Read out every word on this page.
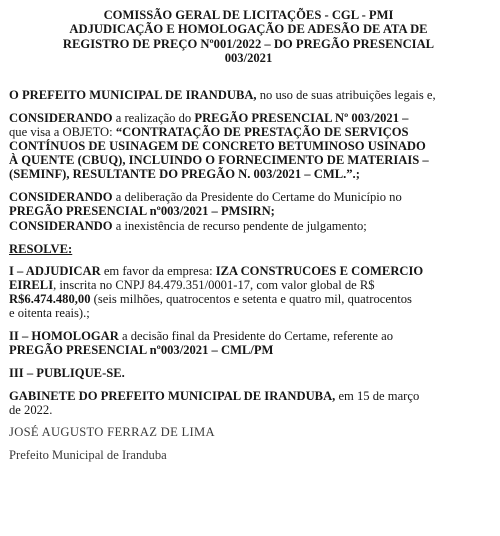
COMISSÃO GERAL DE LICITAÇÕES - CGL - PMI
ADJUDICAÇÃO E HOMOLOGAÇÃO DE ADESÃO DE ATA DE
REGISTRO DE PREÇO Nº001/2022 – DO PREGÃO PRESENCIAL
003/2021

O PREFEITO MUNICIPAL DE IRANDUBA, no uso de suas atribuições legais e,

CONSIDERANDO a realização do PREGÃO PRESENCIAL Nº 003/2021 –
que visa a OBJETO: “CONTRATAÇÃO DE PRESTAÇÃO DE SERVIÇOS
CONTÍNUOS DE USINAGEM DE CONCRETO BETUMINOSO USINADO
À QUENTE (CBUQ), INCLUINDO O FORNECIMENTO DE MATERIAIS –
(SEMINF), RESULTANTE DO PREGÃO N. 003/2021 – CML.”.;

CONSIDERANDO a deliberação da Presidente do Certame do Município no
PREGÃO PRESENCIAL nº003/2021 – PMSIRN;

CONSIDERANDO a inexistência de recurso pendente de julgamento;

RESOLVE:

I – ADJUDICAR em favor da empresa: IZA CONSTRUCOES E COMERCIO
EIRELI, inscrita no CNPJ 84.479.351/0001-17, com valor global de R$
R$6.474.480,00 (seis milhões, quatrocentos e setenta e quatro mil, quatrocentos
e oitenta reais).;

II – HOMOLOGAR a decisão final da Presidente do Certame, referente ao
PREGÃO PRESENCIAL nº003/2021 – CML/PM

III – PUBLIQUE-SE.

GABINETE DO PREFEITO MUNICIPAL DE IRANDUBA, em 15 de março
de 2022.

JOSÉ AUGUSTO FERRAZ DE LIMA

Prefeito Municipal de Iranduba
